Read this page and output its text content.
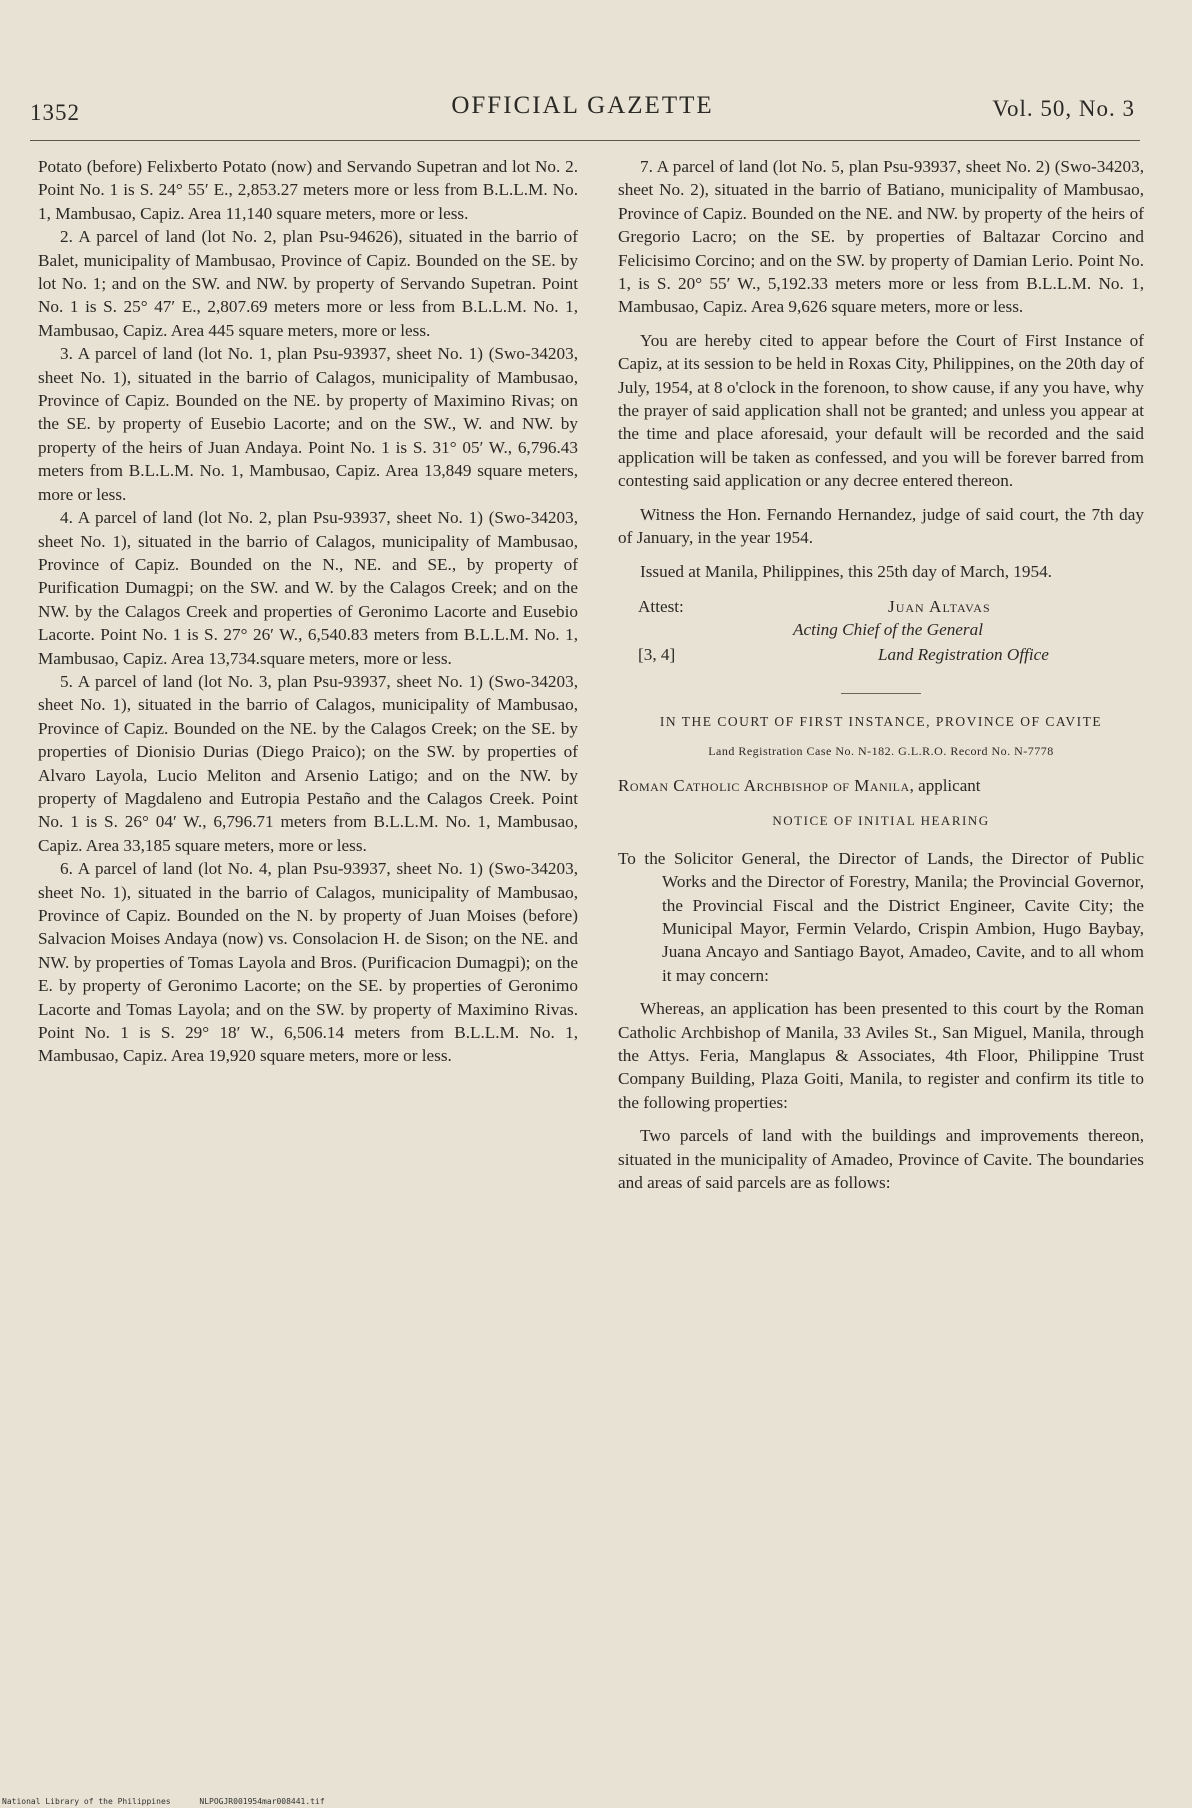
1352	OFFICIAL GAZETTE	Vol. 50, No. 3

Potato (before) Felixberto Potato (now) and Servando Supetran and lot No. 2. Point No. 1 is S. 24° 55′ E., 2,853.27 meters more or less from B.L.L.M. No. 1, Mambusao, Capiz. Area 11,140 square meters, more or less.

2. A parcel of land (lot No. 2, plan Psu-94626), situated in the barrio of Balet, municipality of Mambusao, Province of Capiz. Bounded on the SE. by lot No. 1; and on the SW. and NW. by property of Servando Supetran. Point No. 1 is S. 25° 47′ E., 2,807.69 meters more or less from B.L.L.M. No. 1, Mambusao, Capiz. Area 445 square meters, more or less.

3. A parcel of land (lot No. 1, plan Psu-93937, sheet No. 1) (Swo-34203, sheet No. 1), situated in the barrio of Calagos, municipality of Mambusao, Province of Capiz. Bounded on the NE. by property of Maximino Rivas; on the SE. by property of Eusebio Lacorte; and on the SW., W. and NW. by property of the heirs of Juan Andaya. Point No. 1 is S. 31° 05′ W., 6,796.43 meters from B.L.L.M. No. 1, Mambusao, Capiz. Area 13,849 square meters, more or less.

4. A parcel of land (lot No. 2, plan Psu-93937, sheet No. 1) (Swo-34203, sheet No. 1), situated in the barrio of Calagos, municipality of Mambusao, Province of Capiz. Bounded on the N., NE. and SE., by property of Purification Dumagpi; on the SW. and W. by the Calagos Creek; and on the NW. by the Calagos Creek and properties of Geronimo Lacorte and Eusebio Lacorte. Point No. 1 is S. 27° 26′ W., 6,540.83 meters from B.L.L.M. No. 1, Mambusao, Capiz. Area 13,734.square meters, more or less.

5. A parcel of land (lot No. 3, plan Psu-93937, sheet No. 1) (Swo-34203, sheet No. 1), situated in the barrio of Calagos, municipality of Mambusao, Province of Capiz. Bounded on the NE. by the Calagos Creek; on the SE. by properties of Dionisio Durias (Diego Praico); on the SW. by properties of Alvaro Layola, Lucio Meliton and Arsenio Latigo; and on the NW. by property of Magdaleno and Eutropia Pestaño and the Calagos Creek. Point No. 1 is S. 26° 04′ W., 6,796.71 meters from B.L.L.M. No. 1, Mambusao, Capiz. Area 33,185 square meters, more or less.

6. A parcel of land (lot No. 4, plan Psu-93937, sheet No. 1) (Swo-34203, sheet No. 1), situated in the barrio of Calagos, municipality of Mambusao, Province of Capiz. Bounded on the N. by property of Juan Moises (before) Salvacion Moises Andaya (now) vs. Consolacion H. de Sison; on the NE. and NW. by properties of Tomas Layola and Bros. (Purificacion Dumagpi); on the E. by property of Geronimo Lacorte; on the SE. by properties of Geronimo Lacorte and Tomas Layola; and on the SW. by property of Maximino Rivas. Point No. 1 is S. 29° 18′ W., 6,506.14 meters from B.L.L.M. No. 1, Mambusao, Capiz. Area 19,920 square meters, more or less.

7. A parcel of land (lot No. 5, plan Psu-93937, sheet No. 2) (Swo-34203, sheet No. 2), situated in the barrio of Batiano, municipality of Mambusao, Province of Capiz. Bounded on the NE. and NW. by property of the heirs of Gregorio Lacro; on the SE. by properties of Baltazar Corcino and Felicisimo Corcino; and on the SW. by property of Damian Lerio. Point No. 1, is S. 20° 55′ W., 5,192.33 meters more or less from B.L.L.M. No. 1, Mambusao, Capiz. Area 9,626 square meters, more or less.

You are hereby cited to appear before the Court of First Instance of Capiz, at its session to be held in Roxas City, Philippines, on the 20th day of July, 1954, at 8 o'clock in the forenoon, to show cause, if any you have, why the prayer of said application shall not be granted; and unless you appear at the time and place aforesaid, your default will be recorded and the said application will be taken as confessed, and you will be forever barred from contesting said application or any decree entered thereon.

Witness the Hon. Fernando Hernandez, judge of said court, the 7th day of January, in the year 1954.

Issued at Manila, Philippines, this 25th day of March, 1954.

Attest:	Juan Altavas
Acting Chief of the General
[3, 4]	Land Registration Office
IN THE COURT OF FIRST INSTANCE, PROVINCE OF CAVITE
Land Registration Case No. N-182. G.L.R.O. Record No. N-7778
Roman Catholic Archbishop of Manila, applicant
NOTICE OF INITIAL HEARING

To the Solicitor General, the Director of Lands, the Director of Public Works and the Director of Forestry, Manila; the Provincial Governor, the Provincial Fiscal and the District Engineer, Cavite City; the Municipal Mayor, Fermin Velardo, Crispin Ambion, Hugo Baybay, Juana Ancayo and Santiago Bayot, Amadeo, Cavite, and to all whom it may concern:

Whereas, an application has been presented to this court by the Roman Catholic Archbishop of Manila, 33 Aviles St., San Miguel, Manila, through the Attys. Feria, Manglapus & Associates, 4th Floor, Philippine Trust Company Building, Plaza Goiti, Manila, to register and confirm its title to the following properties:

Two parcels of land with the buildings and improvements thereon, situated in the municipality of Amadeo, Province of Cavite. The boundaries and areas of said parcels are as follows:

National Library of the Philippines	NLPOGJR001954mar008441.tif
